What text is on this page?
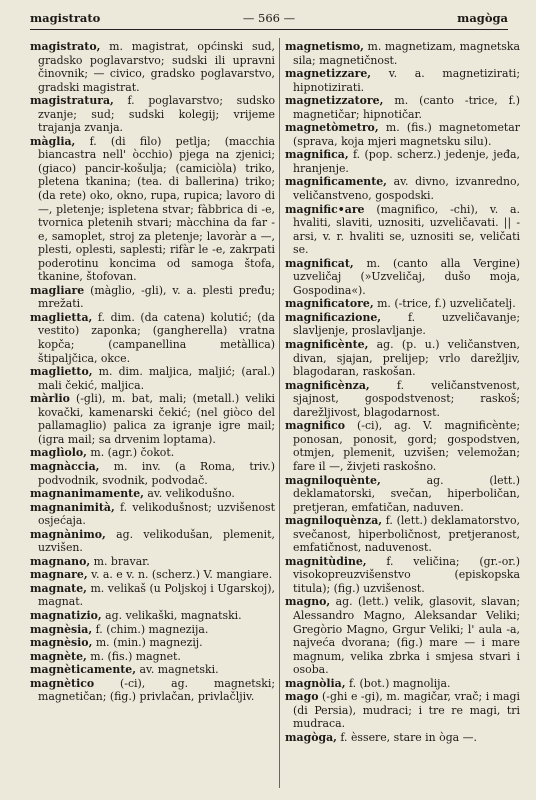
magistrato	— 566 —	magòga

magistrato, m. magistrat, općinski sud, gradsko poglavarstvo; sudski ili upravni činovnik; — civico, gradsko poglavarstvo, gradski magistrat.

magistratura, f. poglavarstvo; sudsko zvanje; sud; sudski kolegij; vrijeme trajanja zvanja.

màglia, f. (di filo) petlja; (macchia biancastra nell' òcchio) pjega na zjenici; (giaco) pancir-košulja; (camiciòla) triko, pletena tkanina; (tea. di ballerina) triko; (da rete) oko, okno, rupa, rupica; lavoro di —, pletenje; ispletena stvar; fàbbrica di -e, tvornica pletenih stvari; màcchina da far -e, samoplet, stroj za pletenje; lavoràr a —, plesti, oplesti, saplesti; rifàr le -e, zakrpati poderotinu koncima od samoga štofa, tkanine, štofovan.

magliare (màglio, -gli), v. a. plesti pređu; mrežati.

maglietta, f. dim. (da catena) kolutić; (da vestito) zaponka; (gangherella) vratna kopča; (campanellina metàllica) štipaljčica, okce.

maglietto, m. dim. maljica, maljić; (aral.) mali čekić, maljica.

màrlio (-gli), m. bat, mali; (metall.) veliki kovački, kamenarski čekić; (nel giòco del pallamaglio) palica za igranje igre mail; (igra mail; sa drvenim loptama).

maglìolo, m. (agr.) čokot.

magnàccia, m. inv. (a Roma, triv.) podvodnik, svodnik, podvodač.

magnanimamente, av. velikodušno.

magnanimità, f. velikodušnost; uzvišenost osjećaja.

magnànimo, ag. velikodušan, plemenit, uzvišen.

magnano, m. bravar.

magnare, v. a. e v. n. (scherz.) V. mangiare.

magnate, m. velikaš (u Poljskoj i Ugarskoj), magnat.

magnatizio, ag. velikaški, magnatski.

magnèsia, f. (chim.) magnezija.

magnèsio, m. (min.) magnezij.

magnète, m. (fis.) magnet.

magnèticamente, av. magnetski.

magnètico (-ci), ag. magnetski; magnetičan; (fig.) privlačan, privlačljiv.

magnetismo, m. magnetizam, magnetska sila; magnetičnost.

magnetizzare, v. a. magnetizirati; hipnotizirati.

magnetizzatore, m. (canto -trice, f.) magnetičar; hipnotičar.

magnetòmetro, m. (fis.) magnetometar (sprava, koja mjeri magnetsku silu).

magnifica, f. (pop. scherz.) jedenje, jeđa, hranjenje.

magnificamente, av. divno, izvanredno, veličanstveno, gospodski.

magnific•are (magnifico, -chi), v. a. hvaliti, slaviti, uznositi, uzveličavati. || -arsi, v. r. hvaliti se, uznositi se, veličati se.

magnificat, m. (canto alla Vergine) uzveličaj (»Uzveličaj, dušo moja, Gospodina«).

magnificatore, m. (-trice, f.) uzveličatelj.

magnificazione, f. uzveličavanje; slavljenje, proslavljanje.

magnificènte, ag. (p. u.) veličanstven, divan, sjajan, prelijep; vrlo darežljiv, blagodaran, raskošan.

magnificènza, f. veličanstvenost, sjajnost, gospodstvenost; raskoš; darežljivost, blagodarnost.

magnifico (-ci), ag. V. magnificènte; ponosan, ponosit, gord; gospodstven, otmjen, plemenit, uzvišen; velemožan; fare il —, živjeti raskošno.

magniloquènte, ag. (lett.) deklamatorski, svečan, hiperboličan, pretjeran, emfatičan, naduven.

magniloquènza, f. (lett.) deklamatorstvo, svečanost, hiperboličnost, pretjeranost, emfatičnost, naduvenost.

magnitùdine, f. veličina; (gr.-or.) visokopreuzvišenstvo (episkopska titula); (fig.) uzvišenost.

magno, ag. (lett.) velik, glasovit, slavan; Alessandro Magno, Aleksandar Veliki; Gregòrio Magno, Grgur Veliki; l' aula -a, najveća dvorana; (fig.) mare — i mare magnum, velika zbrka i smjesa stvari i osoba.

magnòlia, f. (bot.) magnolija.

mago (-ghi e -gi), m. magičar, vrač; i magi (di Persia), mudraci; i tre re magi, tri mudraca.

magòga, f. èssere, stare in òga —.
